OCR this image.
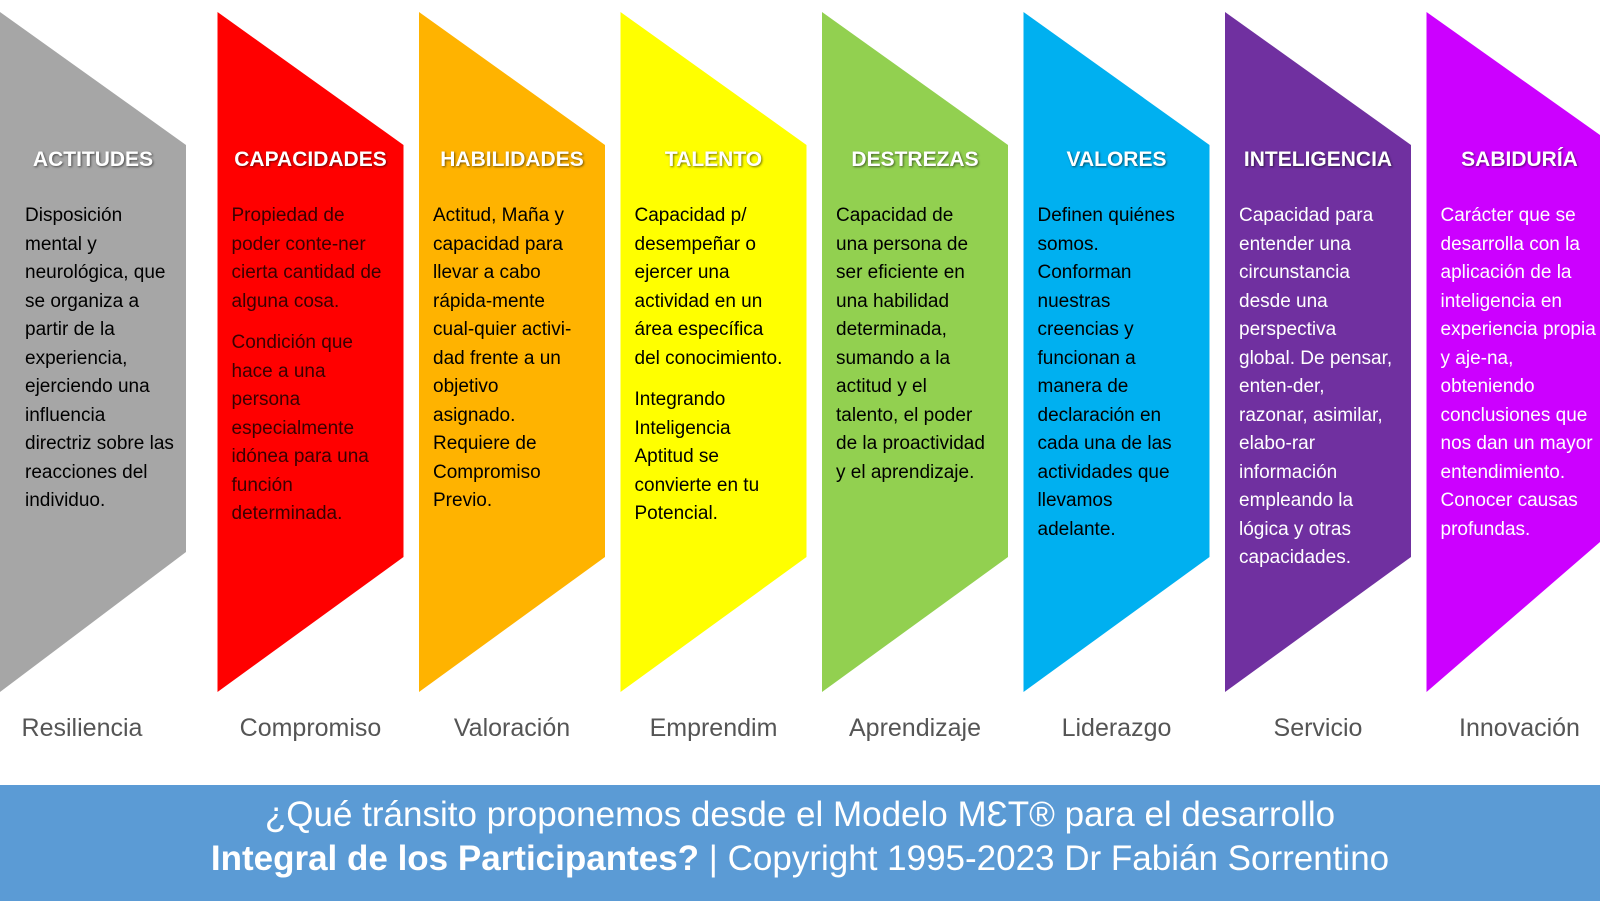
ACTITUDES

Disposición mental y neurológica, que se organiza a partir de la experiencia, ejerciendo una influencia directriz sobre las reacciones del individuo.

Resiliencia
CAPACIDADES

Propiedad de poder conte-ner cierta cantidad de alguna cosa.

Condición que hace a una persona especialmente idónea para una función determinada.

Compromiso
HABILIDADES

Actitud, Maña y capacidad para llevar a cabo rápida-mente cual-quier activi-dad frente a un objetivo asignado. Requiere de Compromiso Previo.

Valoración
TALENTO

Capacidad p/ desempeñar o ejercer una actividad en un área específica del conocimiento.

Integrando Inteligencia Aptitud se convierte en tu Potencial.

Emprendim
DESTREZAS

Capacidad de una persona de ser eficiente en una habilidad determinada, sumando a la actitud y el talento, el poder de la proactividad y el aprendizaje.

Aprendizaje
VALORES

Definen quiénes somos. Conforman nuestras creencias y funcionan a manera de declaración en cada una de las actividades que llevamos adelante.

Liderazgo
INTELIGENCIA

Capacidad para entender una circunstancia desde una perspectiva global. De pensar, enten-der, razonar, asimilar, elabo-rar información empleando la lógica y otras capacidades.

Servicio
SABIDURÍA

Carácter que se desarrolla con la aplicación de la inteligencia en experiencia propia y aje-na, obteniendo conclusiones que nos dan un mayor entendimiento. Conocer causas profundas.

Innovación
¿Qué tránsito proponemos desde el Modelo MƐT® para el desarrollo
Integral de los Participantes? | Copyright 1995-2023 Dr Fabián Sorrentino
